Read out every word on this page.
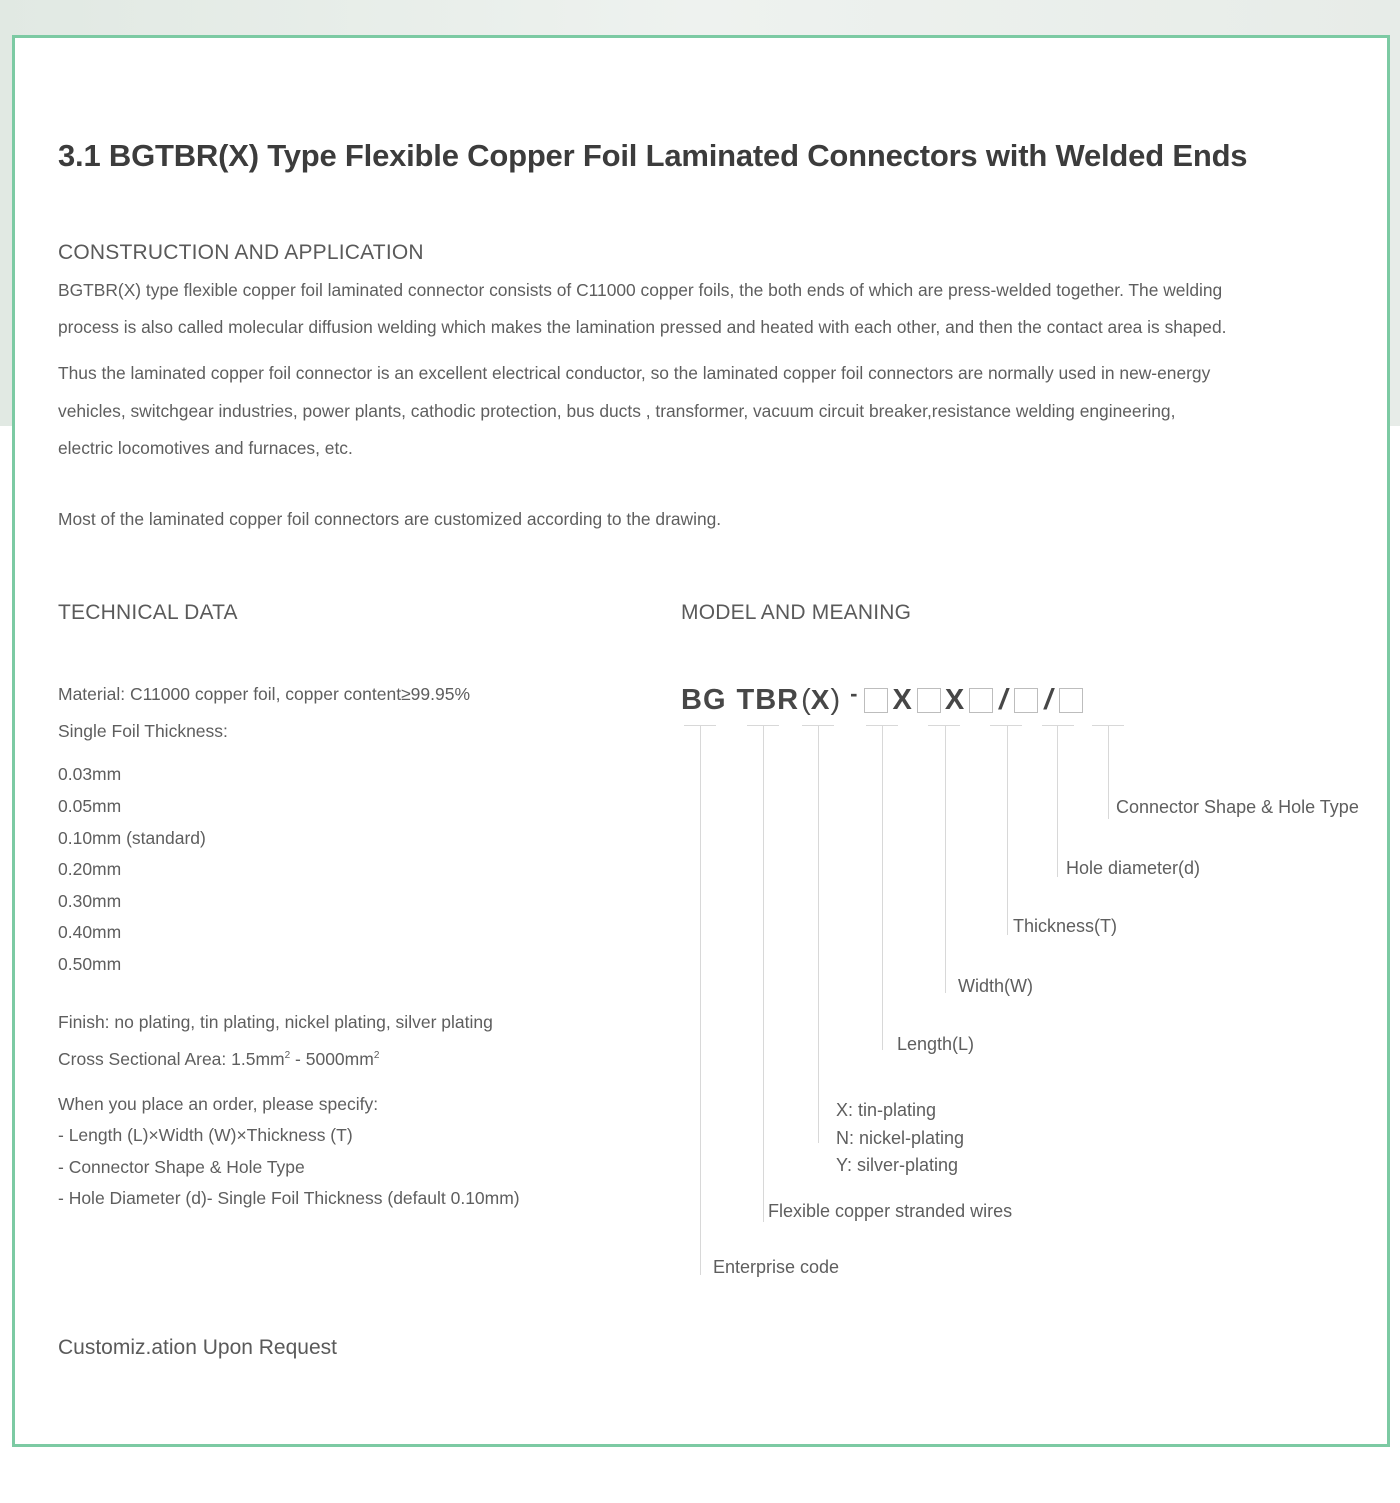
3.1 BGTBR(X) Type Flexible Copper Foil Laminated Connectors with Welded Ends
CONSTRUCTION AND APPLICATION
BGTBR(X) type flexible copper foil laminated connector consists of C11000 copper foils, the both ends of which are press-welded together. The welding
process is also called molecular diffusion welding which makes the lamination pressed and heated with each other, and then the contact area is shaped.
Thus the laminated copper foil connector is an excellent electrical conductor, so the laminated copper foil connectors are normally used in new-energy
vehicles, switchgear industries, power plants, cathodic protection, bus ducts , transformer, vacuum circuit breaker,resistance welding engineering,
electric locomotives and furnaces, etc.
Most of the laminated copper foil connectors are customized according to the drawing.
TECHNICAL DATA
Material: C11000 copper foil, copper content≥99.95%
Single Foil Thickness:
0.03mm
0.05mm
0.10mm (standard)
0.20mm
0.30mm
0.40mm
0.50mm
Finish: no plating, tin plating, nickel plating, silver plating
Cross Sectional Area: $1.5mm^2 - 5000mm^2$
When you place an order, please specify:
- Length (L)×Width (W)×Thickness (T)
- Connector Shape & Hole Type
- Hole Diameter (d)- Single Foil Thickness (default 0.10mm)
MODEL AND MEANING
BG TBR ( X ) - X X / /
Connector Shape & Hole Type
Hole diameter(d)
Thickness(T)
Width(W)
Length(L)
X: tin-plating
N: nickel-plating
Y: silver-plating
Flexible copper stranded wires
Enterprise code
Customiz.ation Upon Request
